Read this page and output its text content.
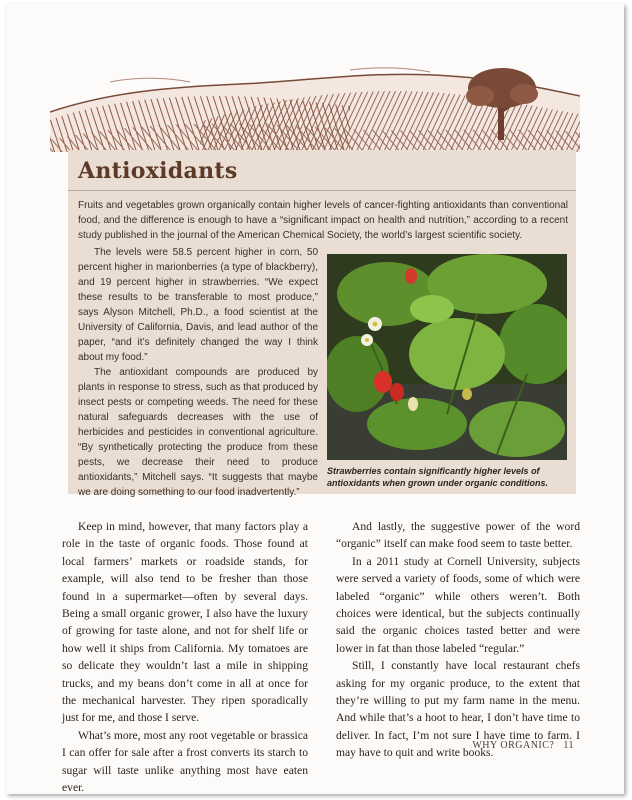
Antioxidants

Fruits and vegetables grown organically contain higher levels of cancer-fighting antioxidants than conventional food, and the difference is enough to have a “significant impact on health and nutrition,” according to a recent study published in the journal of the American Chemical Society, the world’s largest scientific society.

The levels were 58.5 percent higher in corn, 50 percent higher in marionberries (a type of blackberry), and 19 percent higher in strawberries. “We expect these results to be transferable to most produce,” says Alyson Mitchell, Ph.D., a food scientist at the University of California, Davis, and lead author of the paper, “and it’s definitely changed the way I think about my food.”

The antioxidant compounds are produced by plants in response to stress, such as that produced by insect pests or competing weeds. The need for these natural safeguards decreases with the use of herbicides and pesticides in conventional agriculture. “By synthetically protecting the produce from these pests, we decrease their need to produce antioxidants,” Mitchell says. “It suggests that maybe we are doing something to our food inadvertently.”

Strawberries contain significantly higher levels of antioxidants when grown under organic conditions.

Keep in mind, however, that many factors play a role in the taste of organic foods. Those found at local farmers’ markets or roadside stands, for example, will also tend to be fresher than those found in a supermarket—often by several days. Being a small organic grower, I also have the luxury of growing for taste alone, and not for shelf life or how well it ships from California. My tomatoes are so delicate they wouldn’t last a mile in shipping trucks, and my beans don’t come in all at once for the mechanical harvester. They ripen sporadically just for me, and those I serve.

What’s more, most any root vegetable or brassica I can offer for sale after a frost converts its starch to sugar will taste unlike anything most have eaten ever.

And lastly, the suggestive power of the word “organic” itself can make food seem to taste better.

In a 2011 study at Cornell University, subjects were served a variety of foods, some of which were labeled “organic” while others weren’t. Both choices were identical, but the subjects continually said the organic choices tasted better and were lower in fat than those labeled “regular.”

Still, I constantly have local restaurant chefs asking for my organic produce, to the extent that they’re willing to put my farm name in the menu. And while that’s a hoot to hear, I don’t have time to deliver. In fact, I’m not sure I have time to farm. I may have to quit and write books.

WHY ORGANIC? 11
